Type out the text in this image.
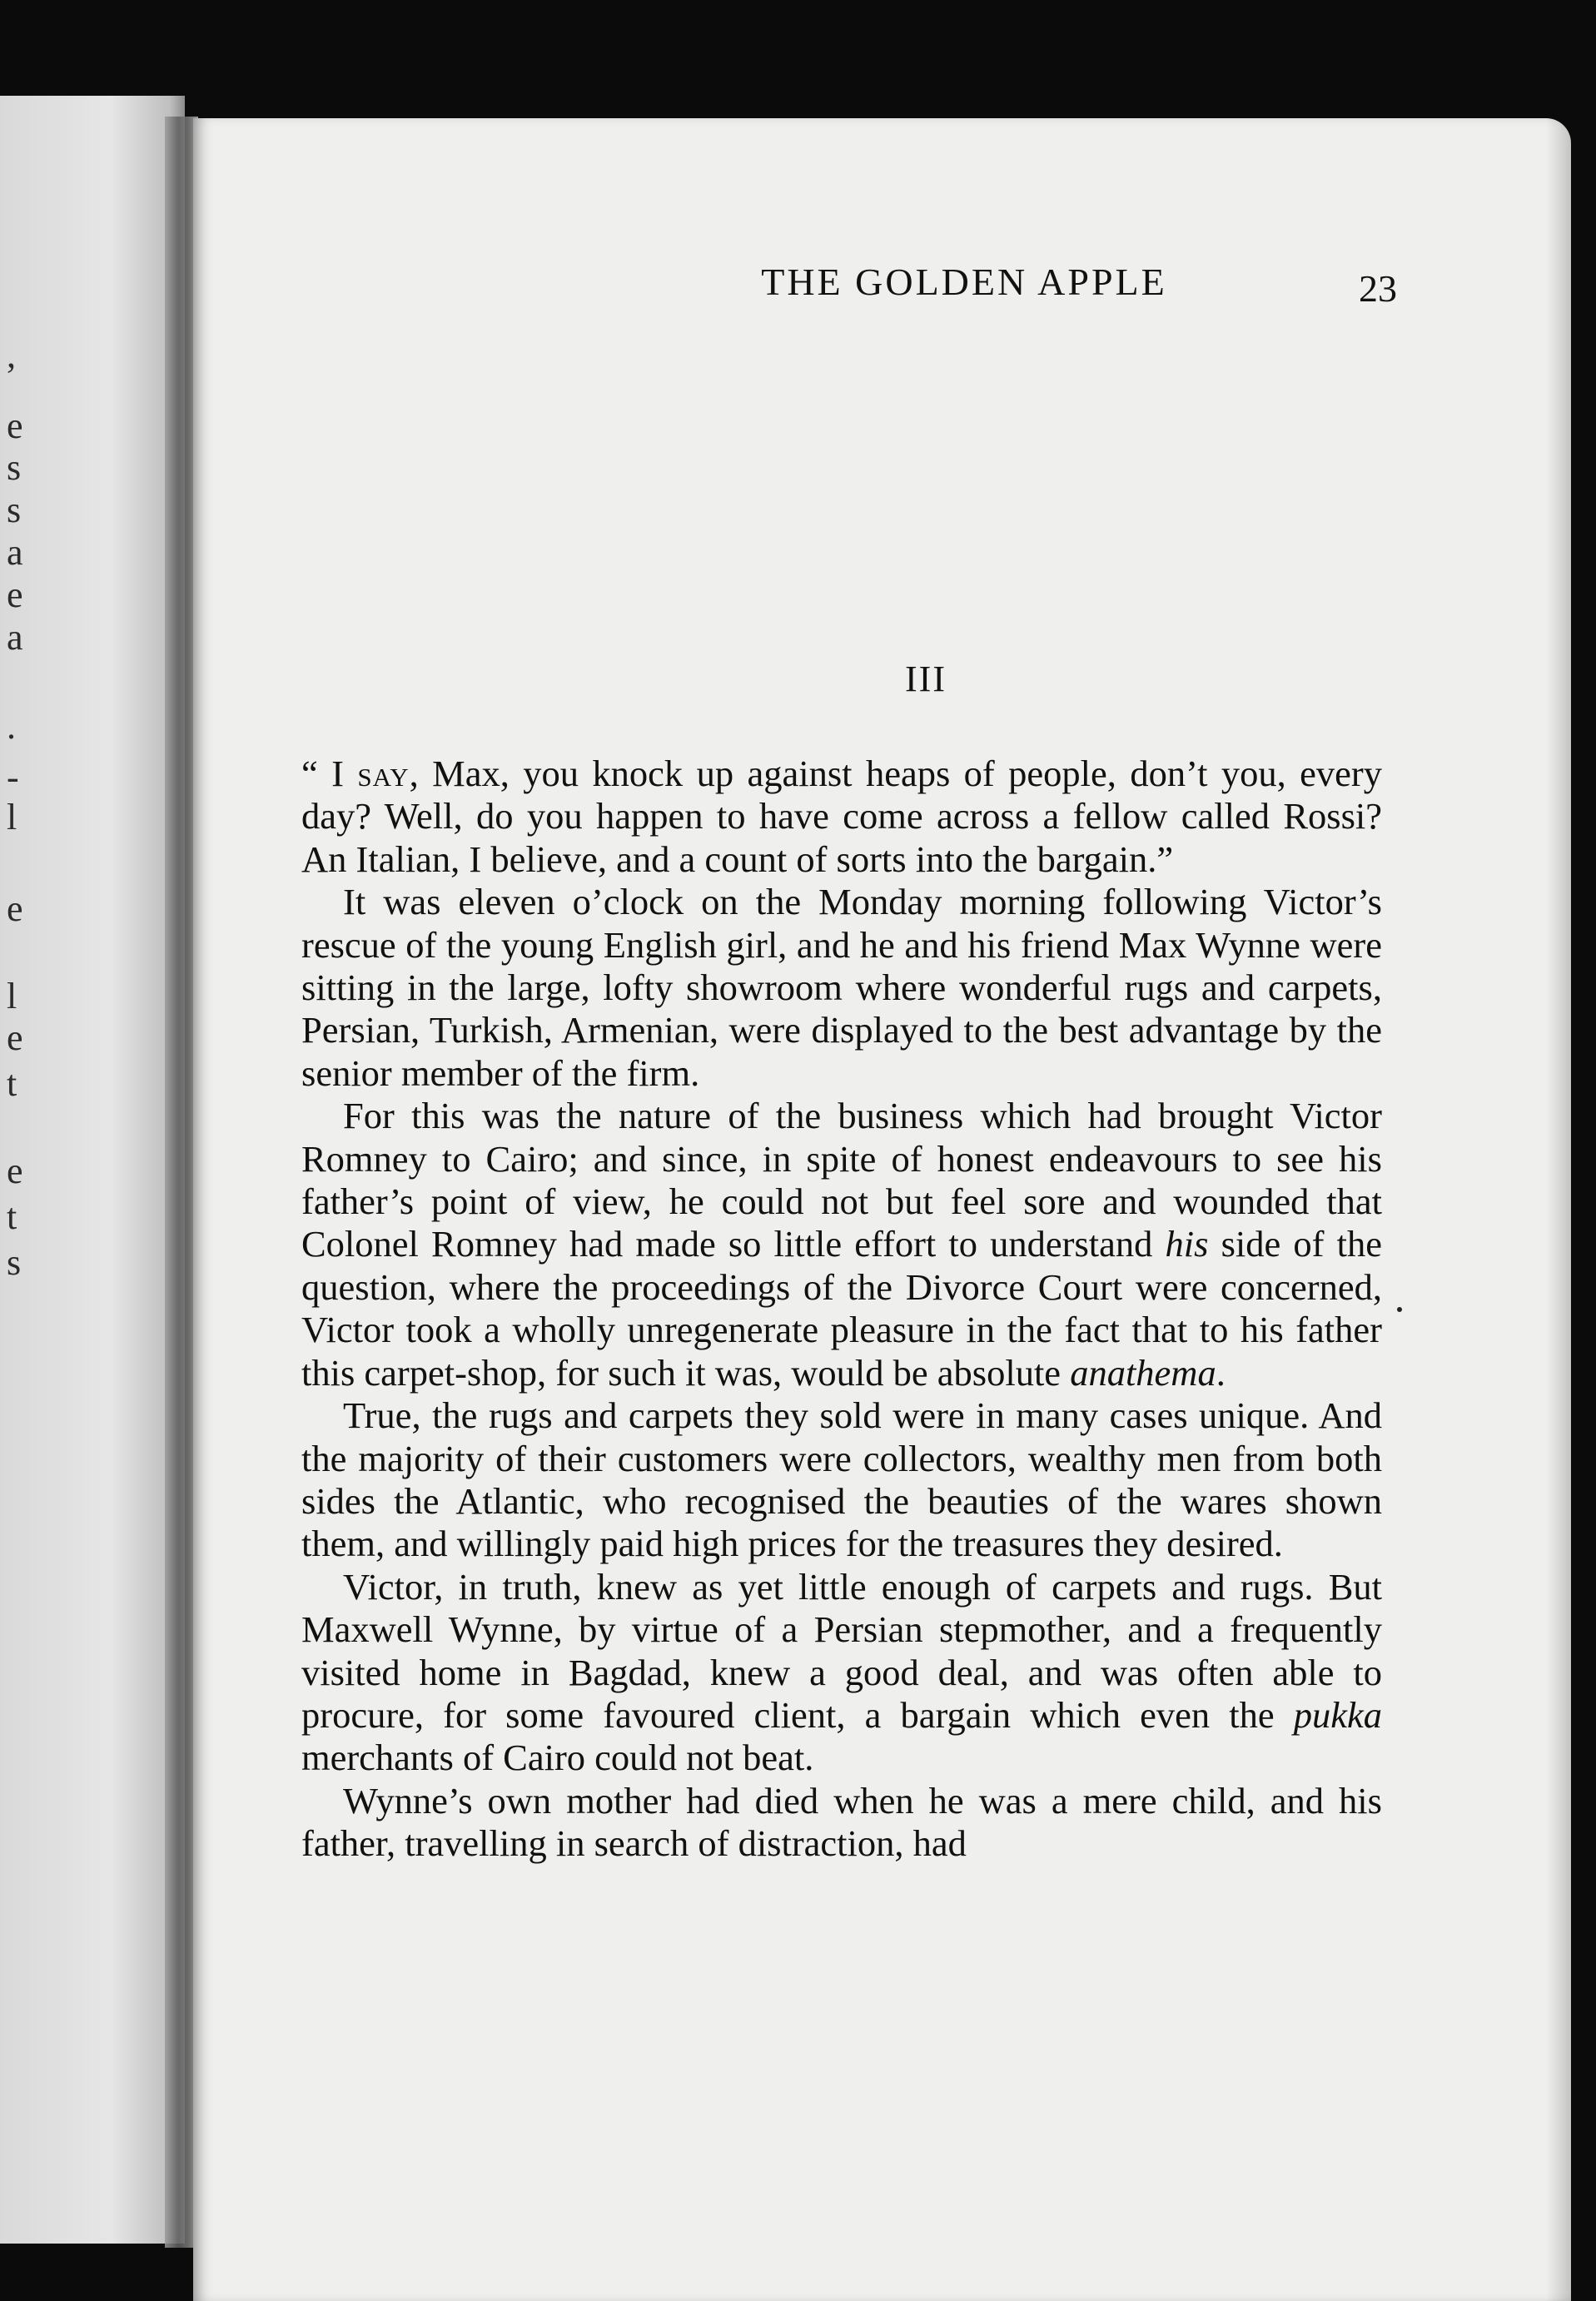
,
e
s
s
a
e
a
.
-
l
e
l
e
t
e
t
s
THE GOLDEN APPLE	23
III

“ I say, Max, you knock up against heaps of people, don’t you, every day? Well, do you happen to have come across a fellow called Rossi? An Italian, I believe, and a count of sorts into the bargain.”

It was eleven o’clock on the Monday morning following Victor’s rescue of the young English girl, and he and his friend Max Wynne were sitting in the large, lofty showroom where wonderful rugs and carpets, Persian, Turkish, Armenian, were displayed to the best advantage by the senior member of the firm.

For this was the nature of the business which had brought Victor Romney to Cairo; and since, in spite of honest endeavours to see his father’s point of view, he could not but feel sore and wounded that Colonel Romney had made so little effort to understand his side of the question, where the proceedings of the Divorce Court were concerned, Victor took a wholly unregenerate pleasure in the fact that to his father this carpet-shop, for such it was, would be absolute anathema.

True, the rugs and carpets they sold were in many cases unique. And the majority of their customers were collectors, wealthy men from both sides the Atlantic, who recognised the beauties of the wares shown them, and willingly paid high prices for the treasures they desired.

Victor, in truth, knew as yet little enough of carpets and rugs. But Maxwell Wynne, by virtue of a Persian stepmother, and a frequently visited home in Bagdad, knew a good deal, and was often able to procure, for some favoured client, a bargain which even the pukka merchants of Cairo could not beat.

Wynne’s own mother had died when he was a mere child, and his father, travelling in search of distraction, had
